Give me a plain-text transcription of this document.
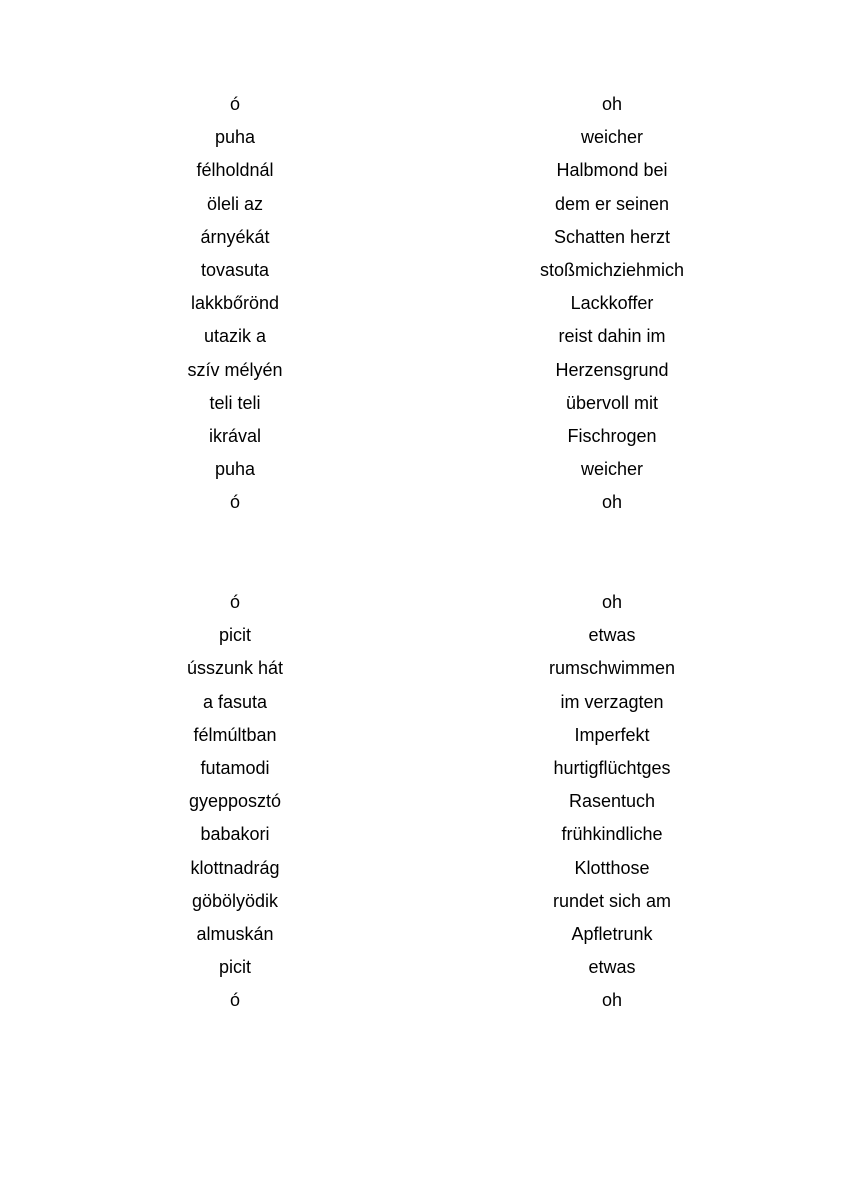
ó	oh
puha	weicher
félholdnál	Halbmond bei
öleli az	dem er seinen
árnyékát	Schatten herzt
tovasuta	stoßmichziehmich
lakkbőrönd	Lackkoffer
utazik a	reist dahin im
szív mélyén	Herzensgrund
teli teli	übervoll mit
ikrával	Fischrogen
puha	weicher
ó	oh
ó	oh
picit	etwas
ússzunk hát	rumschwimmen
a fasuta	im verzagten
félmúltban	Imperfekt
futamodi	hurtigflüchtges
gyepposztó	Rasentuch
babakori	frühkindliche
klottnadrág	Klotthose
göbölyödik	rundet sich am
almuskán	Apfletrunk
picit	etwas
ó	oh
